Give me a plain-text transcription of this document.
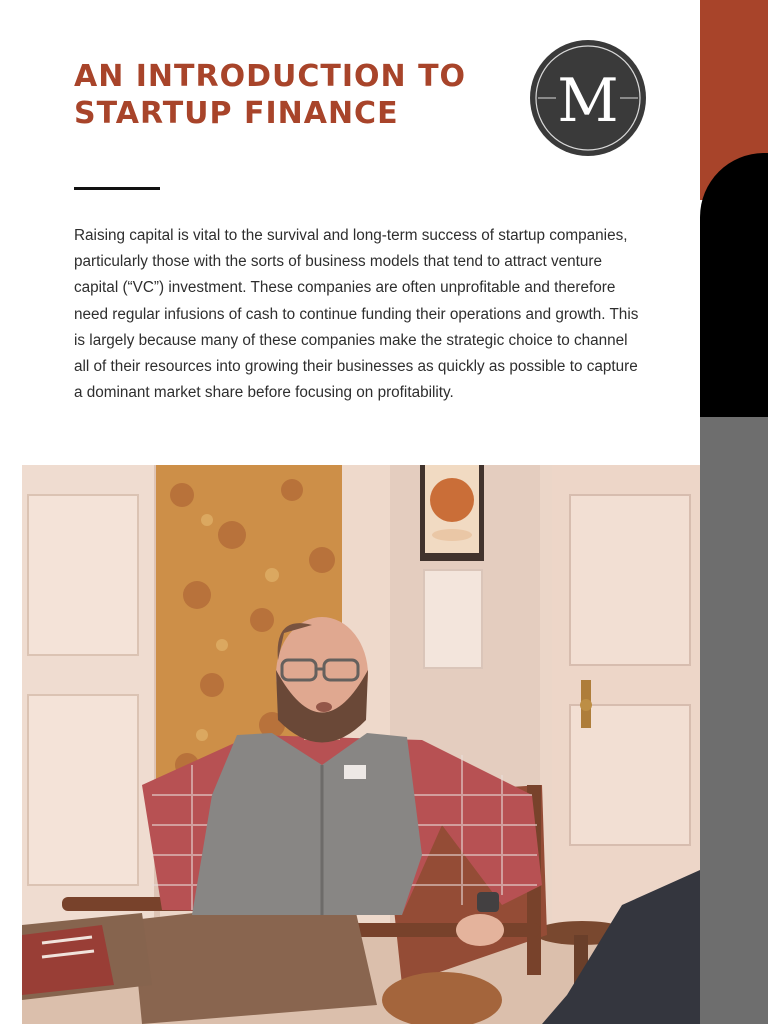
AN INTRODUCTION TO
STARTUP FINANCE	M

Raising capital is vital to the survival and long-term success of startup companies, particularly those with the sorts of business models that tend to attract venture capital (“VC”) investment. These companies are often unprofitable and therefore need regular infusions of cash to continue funding their operations and growth. This is largely because many of these companies make the strategic choice to channel all of their resources into growing their businesses as quickly as possible to capture a dominant market share before focusing on profitability.
